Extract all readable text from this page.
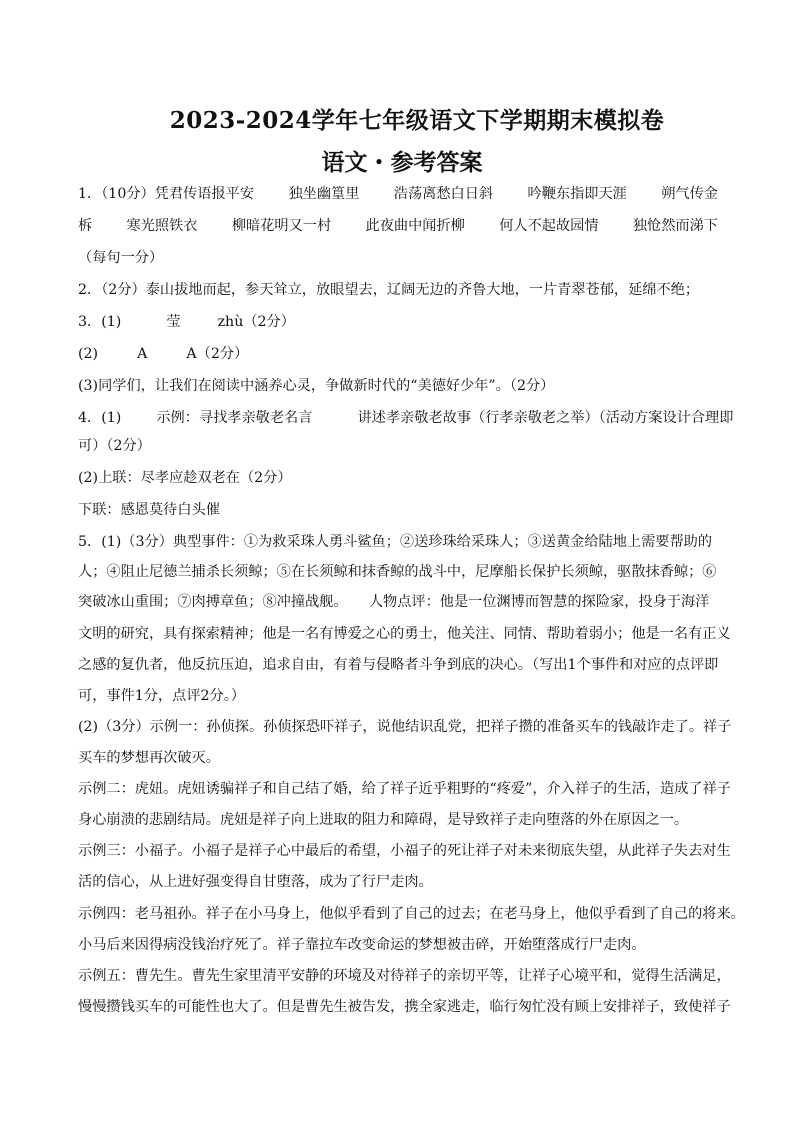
2023-2024学年七年级语文下学期期末模拟卷
语文・参考答案
1．（10分） 凭君传语报平安 独坐幽篁里 浩荡离愁白日斜 吟鞭东指即天涯 朔气传金
柝 寒光照铁衣 柳暗花明又一村 此夜曲中闻折柳 何人不起故园情 独怆然而涕下
（每句一分）
2．（2分）泰山拔地而起，参天耸立，放眼望去，辽阔无边的齐鲁大地，一片青翠苍郁，延绵不绝；
3．(1)	莹	zhù（2分）
(2)	A	A（2分）
(3)同学们，让我们在阅读中涵养心灵，争做新时代的“美德好少年”。（2分）
4．(1) 示例：寻找孝亲敬老名言	讲述孝亲敬老故事（行孝亲敬老之举）（活动方案设计合理即
可）（2分）
(2)上联：尽孝应趁双老在（2分）
下联：感恩莫待白头催
5．(1)（3分）典型事件：①为救采珠人勇斗鲨鱼；②送珍珠给采珠人；③送黄金给陆地上需要帮助的
人；④阻止尼德兰捕杀长须鲸；⑤在长须鲸和抹香鲸的战斗中，尼摩船长保护长须鲸，驱散抹香鲸；⑥
突破冰山重围；⑦肉搏章鱼；⑧冲撞战舰。　　人物点评：他是一位渊博而智慧的探险家，投身于海洋
文明的研究，具有探索精神；他是一名有博爱之心的勇士，他关注、同情、帮助着弱小；他是一名有正义
之感的复仇者，他反抗压迫，追求自由，有着与侵略者斗争到底的决心。（写出1个事件和对应的点评即
可，事件1分，点评2分。）
(2)（3分）示例一：孙侦探。孙侦探恐吓祥子，说他结识乱党，把祥子攒的准备买车的钱敲诈走了。祥子
买车的梦想再次破灭。
示例二：虎妞。虎妞诱骗祥子和自己结了婚，给了祥子近乎粗野的“疼爱”，介入祥子的生活，造成了祥子
身心崩溃的悲剧结局。虎妞是祥子向上进取的阻力和障碍，是导致祥子走向堕落的外在原因之一。
示例三：小福子。小福子是祥子心中最后的希望，小福子的死让祥子对未来彻底失望，从此祥子失去对生
活的信心，从上进好强变得自甘堕落，成为了行尸走肉。
示例四：老马祖孙。祥子在小马身上，他似乎看到了自己的过去；在老马身上，他似乎看到了自己的将来。
小马后来因得病没钱治疗死了。祥子靠拉车改变命运的梦想被击碎，开始堕落成行尸走肉。
示例五：曹先生。曹先生家里清平安静的环境及对待祥子的亲切平等，让祥子心境平和，觉得生活满足，
慢慢攒钱买车的可能性也大了。但是曹先生被告发，携全家逃走，临行匆忙没有顾上安排祥子，致使祥子
